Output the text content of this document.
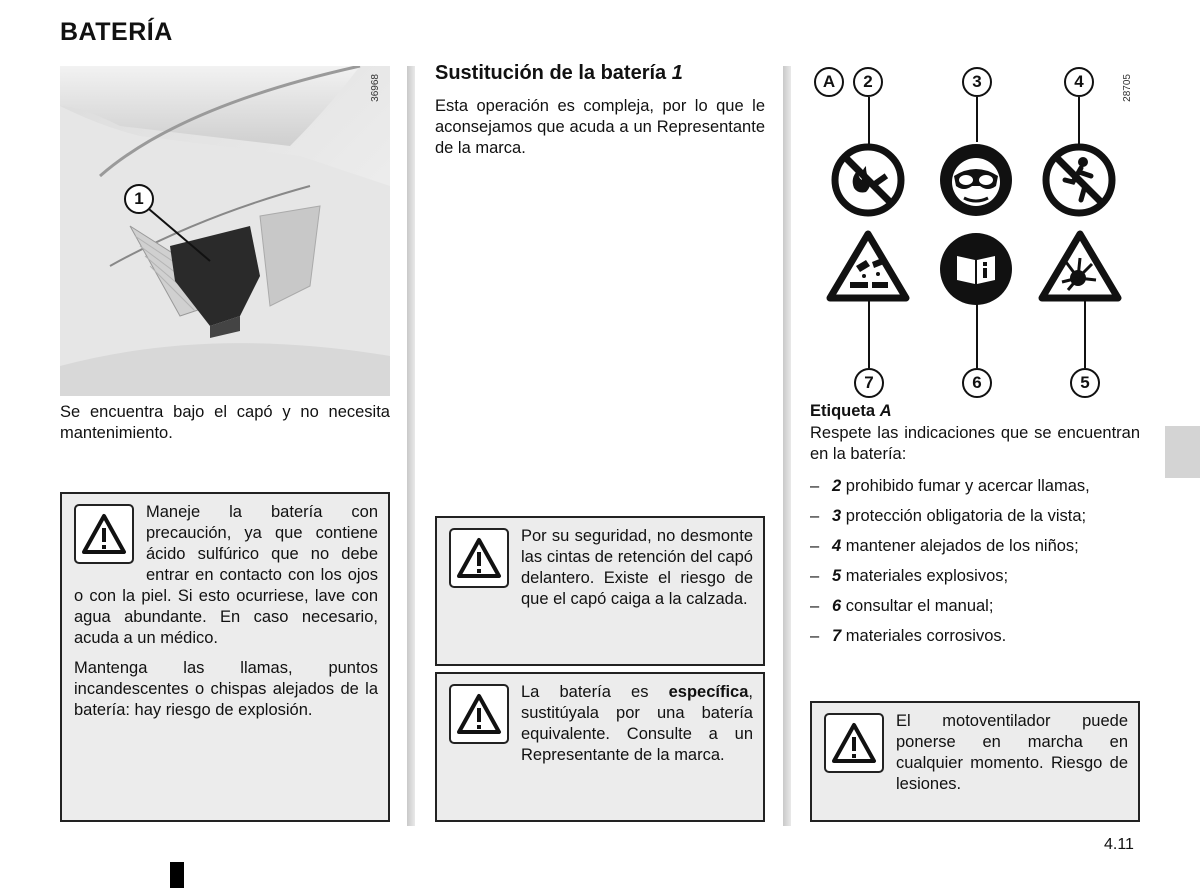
BATERÍA
36968
1
Se encuentra bajo el capó y no necesita mantenimiento.

Maneje la batería con precaución, ya que contiene ácido sulfúrico que no debe entrar en contacto con los ojos o con la piel. Si esto ocurriese, lave con agua abundante. En caso necesario, acuda a un médico.

Mantenga las llamas, puntos incandescentes o chispas alejados de la batería: hay riesgo de explosión.

Sustitución de la batería 1
Esta operación es compleja, por lo que le aconsejamos que acuda a un Representante de la marca.

Por su seguridad, no desmonte las cintas de retención del capó delantero. Existe el riesgo de que el capó caiga a la calzada.

La batería es específica, sustitúyala por una batería equivalente. Consulte a un Representante de la marca.

28705
A	2	3	4
7	6	5
Etiqueta A
Respete las indicaciones que se encuentran en la batería:
– 2 prohibido fumar y acercar llamas,
– 3 protección obligatoria de la vista;
– 4 mantener alejados de los niños;
– 5 materiales explosivos;
– 6 consultar el manual;
– 7 materiales corrosivos.

El motoventilador puede ponerse en marcha en cualquier momento. Riesgo de lesiones.

4.11
